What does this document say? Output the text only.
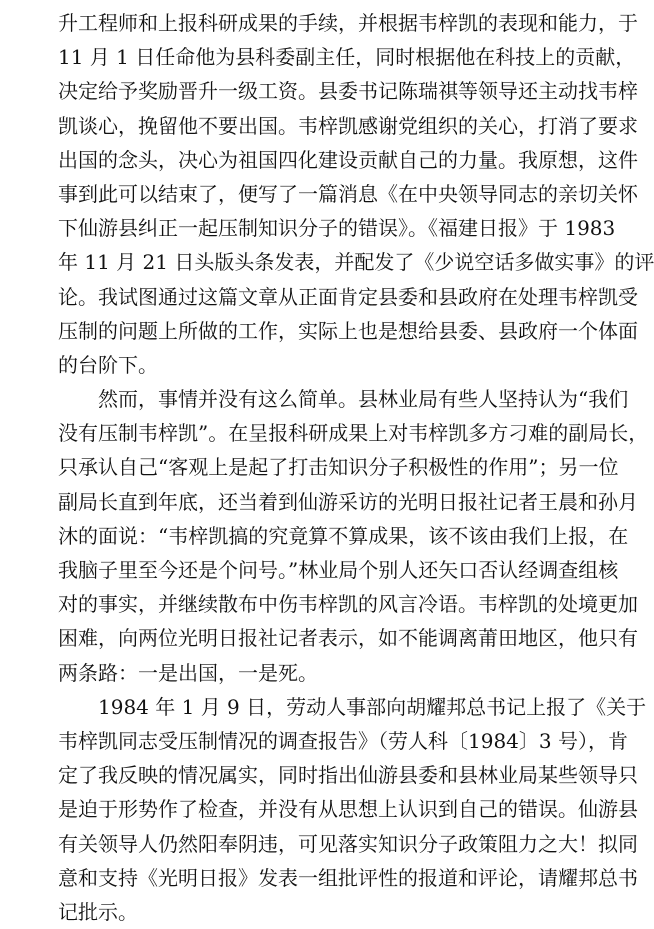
升工程师和上报科研成果的手续，并根据韦梓凯的表现和能力，于
11 月 1 日任命他为县科委副主任，同时根据他在科技上的贡献，
决定给予奖励晋升一级工资。县委书记陈瑞祺等领导还主动找韦梓
凯谈心，挽留他不要出国。韦梓凯感谢党组织的关心，打消了要求
出国的念头，决心为祖国四化建设贡献自己的力量。我原想，这件
事到此可以结束了，便写了一篇消息《在中央领导同志的亲切关怀
下仙游县纠正一起压制知识分子的错误》。《福建日报》于 1983
年 11 月 21 日头版头条发表，并配发了《少说空话多做实事》的评
论。我试图通过这篇文章从正面肯定县委和县政府在处理韦梓凯受
压制的问题上所做的工作，实际上也是想给县委、县政府一个体面
的台阶下。
　　然而，事情并没有这么简单。县林业局有些人坚持认为“我们
没有压制韦梓凯”。在呈报科研成果上对韦梓凯多方刁难的副局长，
只承认自己“客观上是起了打击知识分子积极性的作用”；另一位
副局长直到年底，还当着到仙游采访的光明日报社记者王晨和孙月
沐的面说：“韦梓凯搞的究竟算不算成果，该不该由我们上报，在
我脑子里至今还是个问号。”林业局个别人还矢口否认经调查组核
对的事实，并继续散布中伤韦梓凯的风言冷语。韦梓凯的处境更加
困难，向两位光明日报社记者表示，如不能调离莆田地区，他只有
两条路：一是出国，一是死。
　　1984 年 1 月 9 日，劳动人事部向胡耀邦总书记上报了《关于
韦梓凯同志受压制情况的调查报告》（劳人科〔1984〕3 号），肯
定了我反映的情况属实，同时指出仙游县委和县林业局某些领导只
是迫于形势作了检查，并没有从思想上认识到自己的错误。仙游县
有关领导人仍然阳奉阴违，可见落实知识分子政策阻力之大！拟同
意和支持《光明日报》发表一组批评性的报道和评论，请耀邦总书
记批示。
